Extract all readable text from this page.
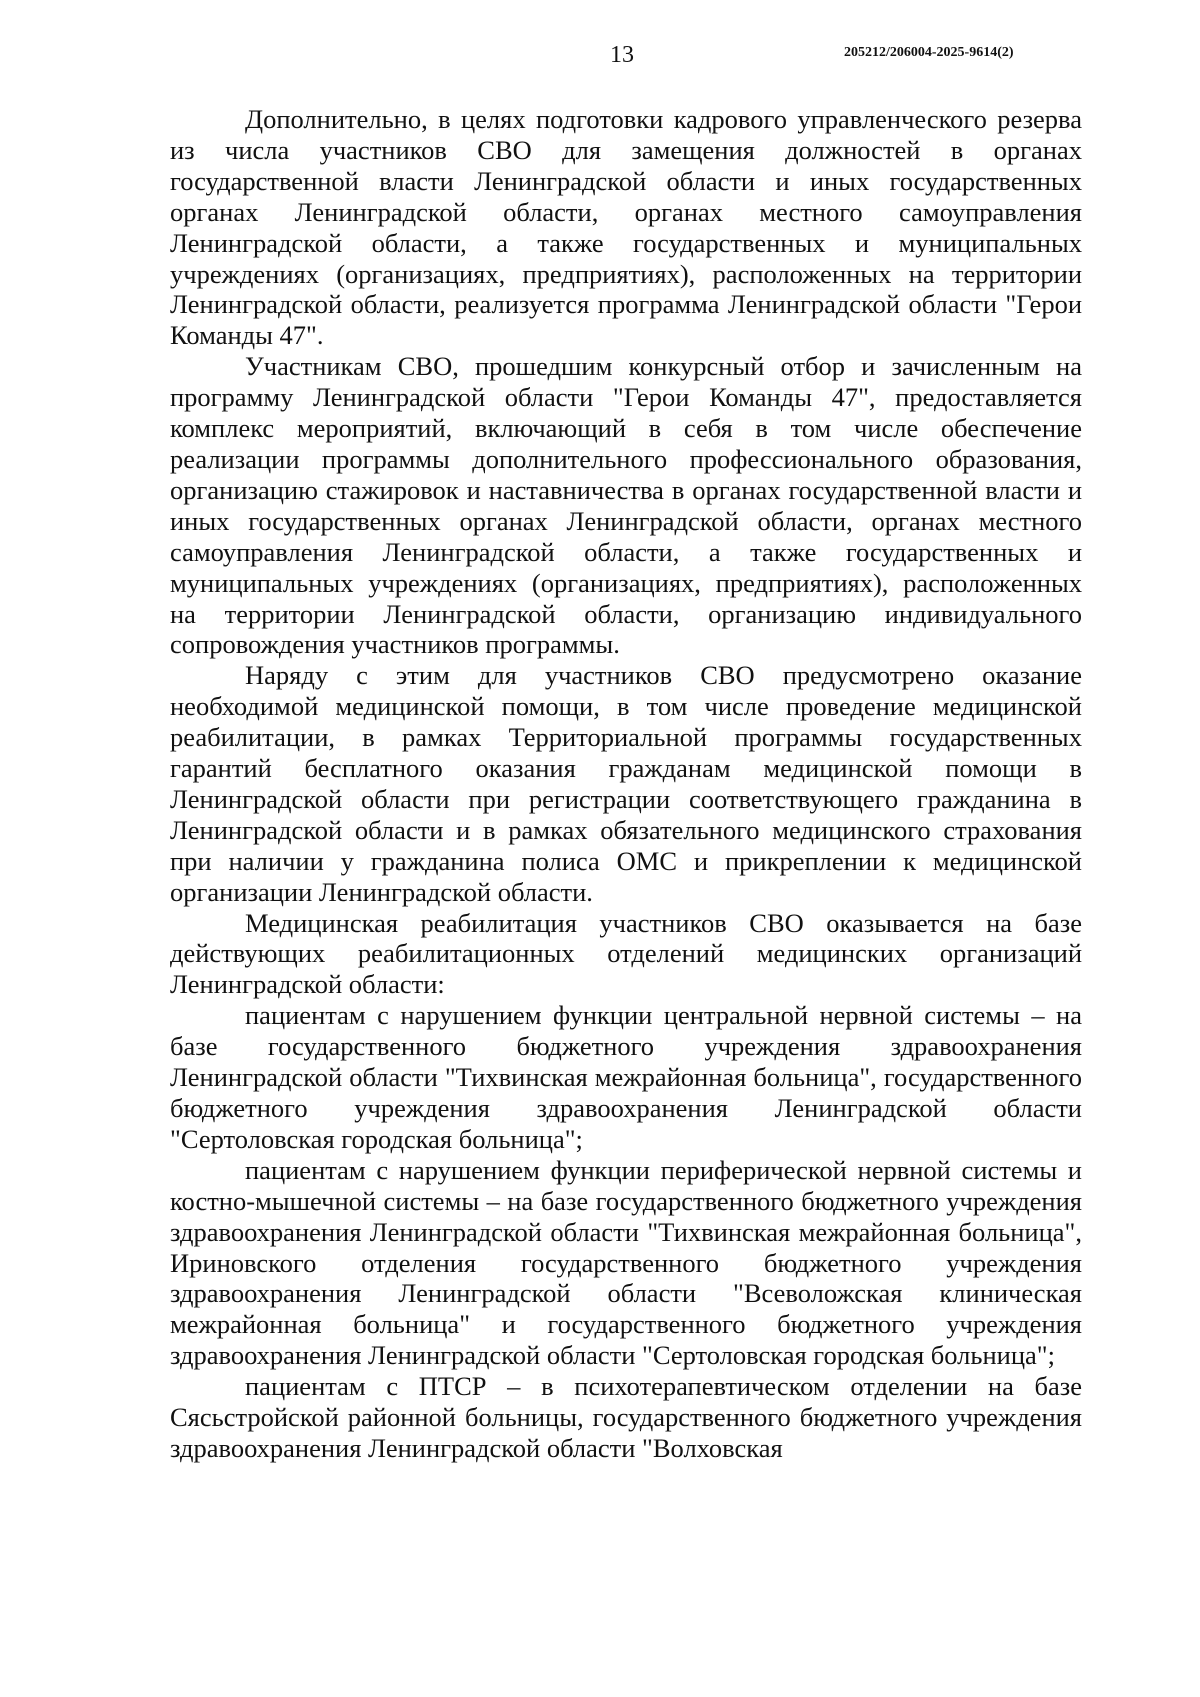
13	205212/206004-2025-9614(2)

Дополнительно, в целях подготовки кадрового управленческого резерва из числа участников СВО для замещения должностей в органах государственной власти Ленинградской области и иных государственных органах Ленинградской области, органах местного самоуправления Ленинградской области, а также государственных и муниципальных учреждениях (организациях, предприятиях), расположенных на территории Ленинградской области, реализуется программа Ленинградской области "Герои Команды 47".

Участникам СВО, прошедшим конкурсный отбор и зачисленным на программу Ленинградской области "Герои Команды 47", предоставляется комплекс мероприятий, включающий в себя в том числе обеспечение реализации программы дополнительного профессионального образования, организацию стажировок и наставничества в органах государственной власти и иных государственных органах Ленинградской области, органах местного самоуправления Ленинградской области, а также государственных и муниципальных учреждениях (организациях, предприятиях), расположенных на территории Ленинградской области, организацию индивидуального сопровождения участников программы.

Наряду с этим для участников СВО предусмотрено оказание необходимой медицинской помощи, в том числе проведение медицинской реабилитации, в рамках Территориальной программы государственных гарантий бесплатного оказания гражданам медицинской помощи в Ленинградской области при регистрации соответствующего гражданина в Ленинградской области и в рамках обязательного медицинского страхования при наличии у гражданина полиса ОМС и прикреплении к медицинской организации Ленинградской области.

Медицинская реабилитация участников СВО оказывается на базе действующих реабилитационных отделений медицинских организаций Ленинградской области:

пациентам с нарушением функции центральной нервной системы – на базе государственного бюджетного учреждения здравоохранения Ленинградской области "Тихвинская межрайонная больница", государственного бюджетного учреждения здравоохранения Ленинградской области "Сертоловская городская больница";

пациентам с нарушением функции периферической нервной системы и костно-мышечной системы – на базе государственного бюджетного учреждения здравоохранения Ленинградской области "Тихвинская межрайонная больница", Ириновского отделения государственного бюджетного учреждения здравоохранения Ленинградской области "Всеволожская клиническая межрайонная больница" и государственного бюджетного учреждения здравоохранения Ленинградской области "Сертоловская городская больница";

пациентам с ПТСР – в психотерапевтическом отделении на базе Сясьстройской районной больницы, государственного бюджетного учреждения здравоохранения Ленинградской области "Волховская
